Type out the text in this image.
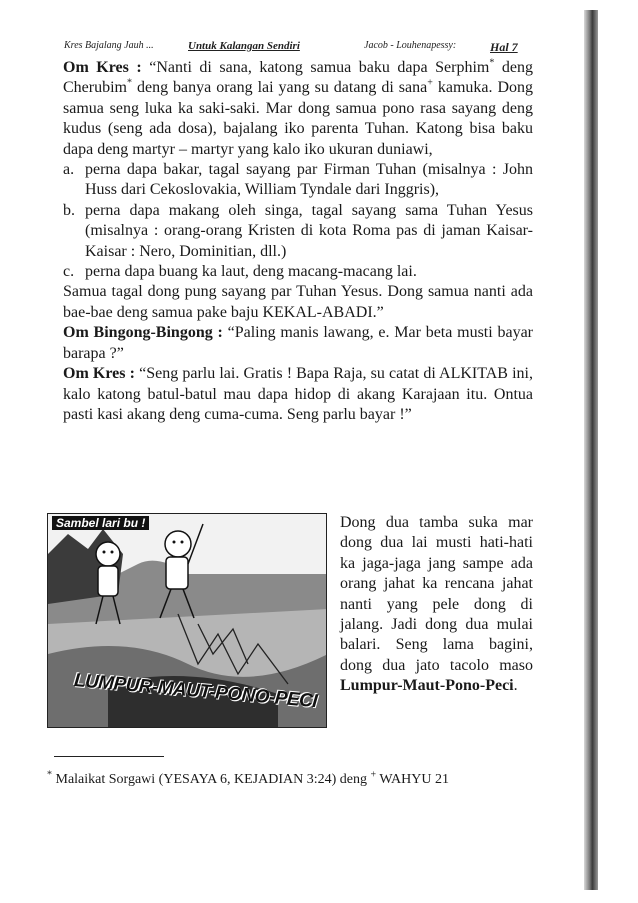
Kres Bajalang Jauh ...	Untuk Kalangan Sendiri	Jacob - Louhenapessy:	Hal 7

Om Kres : “Nanti di sana, katong samua baku dapa Serphim* deng Cherubim* deng banya orang lai yang su datang di sana+ kamuka. Dong samua seng luka ka saki-saki. Mar dong samua pono rasa sayang deng kudus (seng ada dosa), bajalang iko parenta Tuhan. Katong bisa baku dapa deng martyr – martyr yang kalo iko ukuran duniawi,

a. perna dapa bakar, tagal sayang par Firman Tuhan (misalnya : John Huss dari Cekoslovakia, William Tyndale dari Inggris),
b. perna dapa makang oleh singa, tagal sayang sama Tuhan Yesus (misalnya : orang-orang Kristen di kota Roma pas di jaman Kaisar-Kaisar : Nero, Dominitian, dll.)
c. perna dapa buang ka laut, deng macang-macang lai.

Samua tagal dong pung sayang par Tuhan Yesus. Dong samua nanti ada bae-bae deng samua pake baju KEKAL-ABADI.”

Om Bingong-Bingong : “Paling manis lawang, e. Mar beta musti bayar barapa ?”

Om Kres : “Seng parlu lai. Gratis ! Bapa Raja, su catat di ALKITAB ini, kalo katong batul-batul mau dapa hidop di akang Karajaan itu. Ontua pasti kasi akang deng cuma-cuma. Seng parlu bayar !”

Sambel lari bu !
LUMPUR-MAUT-PONO-PECI
Dong dua tamba suka mar dong dua lai musti hati-hati ka jaga-jaga jang sampe ada orang jahat ka rencana jahat nanti yang pele dong di jalang. Jadi dong dua mulai balari. Seng lama bagini, dong dua jato tacolo maso Lumpur-Maut-Pono-Peci.
* Malaikat Sorgawi (YESAYA 6, KEJADIAN 3:24) deng + WAHYU 21
